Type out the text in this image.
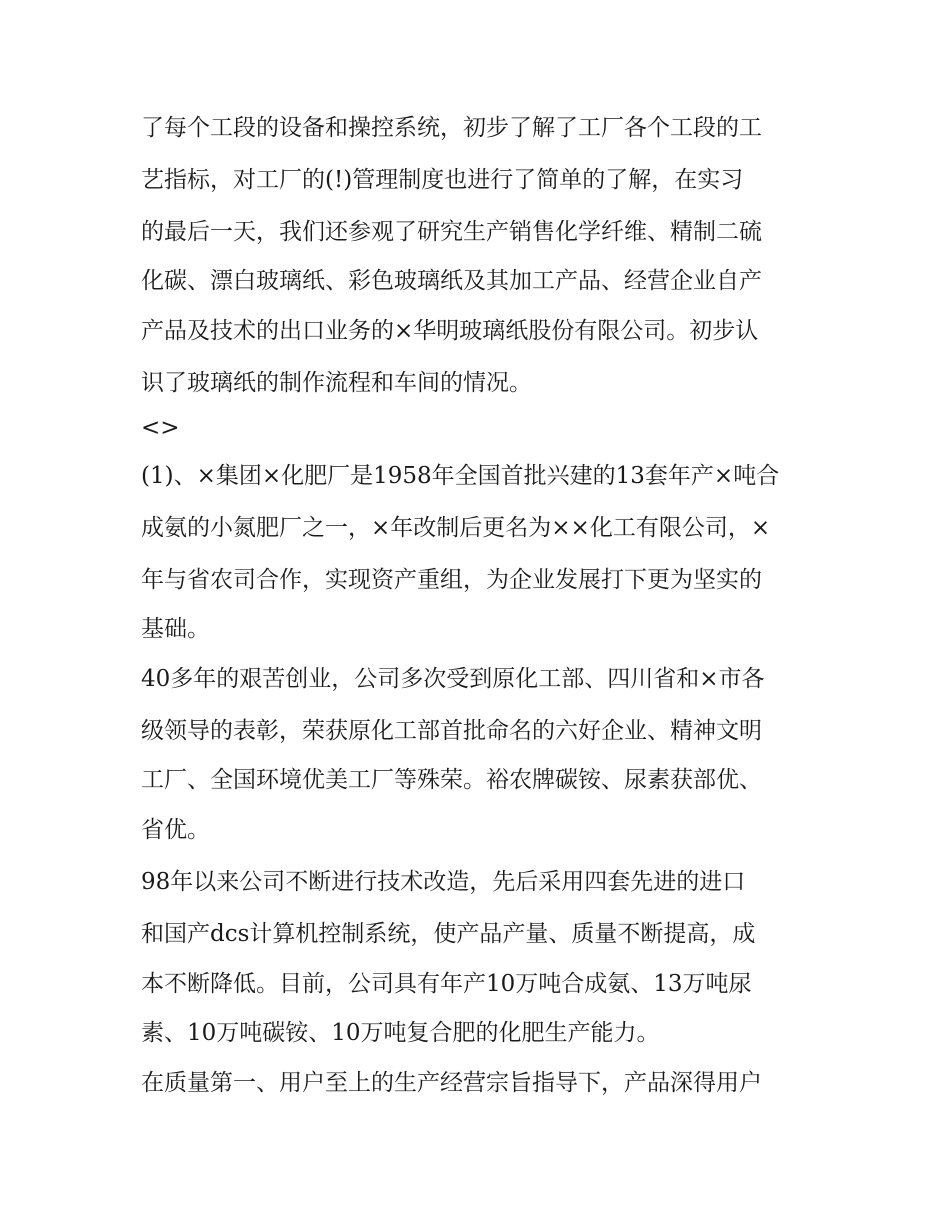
了每个工段的设备和操控系统，初步了解了工厂各个工段的工
艺指标，对工厂的(!)管理制度也进行了简单的了解，在实习
的最后一天，我们还参观了研究生产销售化学纤维、精制二硫
化碳、漂白玻璃纸、彩色玻璃纸及其加工产品、经营企业自产
产品及技术的出口业务的×华明玻璃纸股份有限公司。初步认
识了玻璃纸的制作流程和车间的情况。
<>
(1)、×集团×化肥厂是1958年全国首批兴建的13套年产×吨合
成氨的小氮肥厂之一，×年改制后更名为××化工有限公司，×
年与省农司合作，实现资产重组，为企业发展打下更为坚实的
基础。
40多年的艰苦创业，公司多次受到原化工部、四川省和×市各
级领导的表彰，荣获原化工部首批命名的六好企业、精神文明
工厂、全国环境优美工厂等殊荣。裕农牌碳铵、尿素获部优、
省优。
98年以来公司不断进行技术改造，先后采用四套先进的进口
和国产dcs计算机控制系统，使产品产量、质量不断提高，成
本不断降低。目前，公司具有年产10万吨合成氨、13万吨尿
素、10万吨碳铵、10万吨复合肥的化肥生产能力。
在质量第一、用户至上的生产经营宗旨指导下，产品深得用户
